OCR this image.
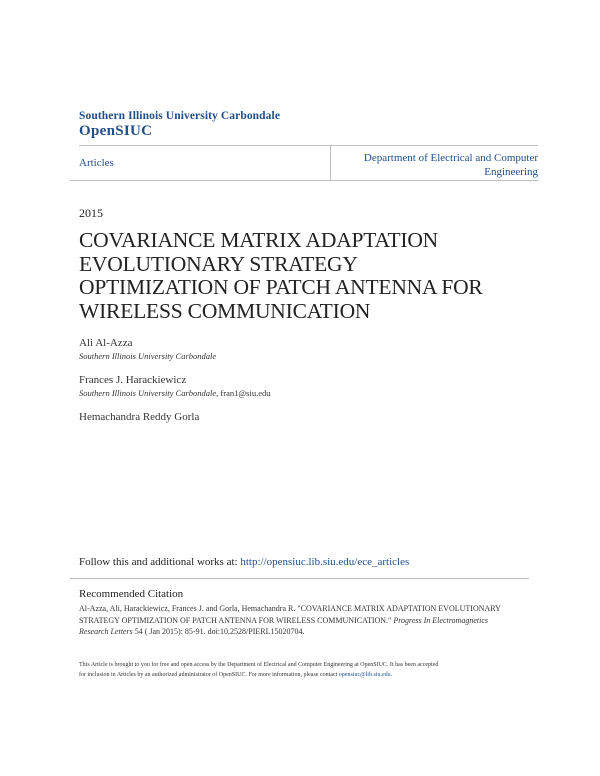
Southern Illinois University Carbondale
OpenSIUC
Articles	Department of Electrical and Computer
Engineering
2015
COVARIANCE MATRIX ADAPTATION
EVOLUTIONARY STRATEGY
OPTIMIZATION OF PATCH ANTENNA FOR
WIRELESS COMMUNICATION
Ali Al-Azza
Southern Illinois University Carbondale
Frances J. Harackiewicz
Southern Illinois University Carbondale, fran1@siu.edu
Hemachandra Reddy Gorla
Follow this and additional works at: http://opensiuc.lib.siu.edu/ece_articles
Recommended Citation
Al-Azza, Ali, Harackiewicz, Frances J. and Gorla, Hemachandra R. "COVARIANCE MATRIX ADAPTATION EVOLUTIONARY
STRATEGY OPTIMIZATION OF PATCH ANTENNA FOR WIRELESS COMMUNICATION." Progress In Electromagnetics
Research Letters 54 ( Jan 2015): 85-91. doi:10.2528/PIERL15020704.
This Article is brought to you for free and open access by the Department of Electrical and Computer Engineering at OpenSIUC. It has been accepted
for inclusion in Articles by an authorized administrator of OpenSIUC. For more information, please contact opensiuc@lib.siu.edu.
